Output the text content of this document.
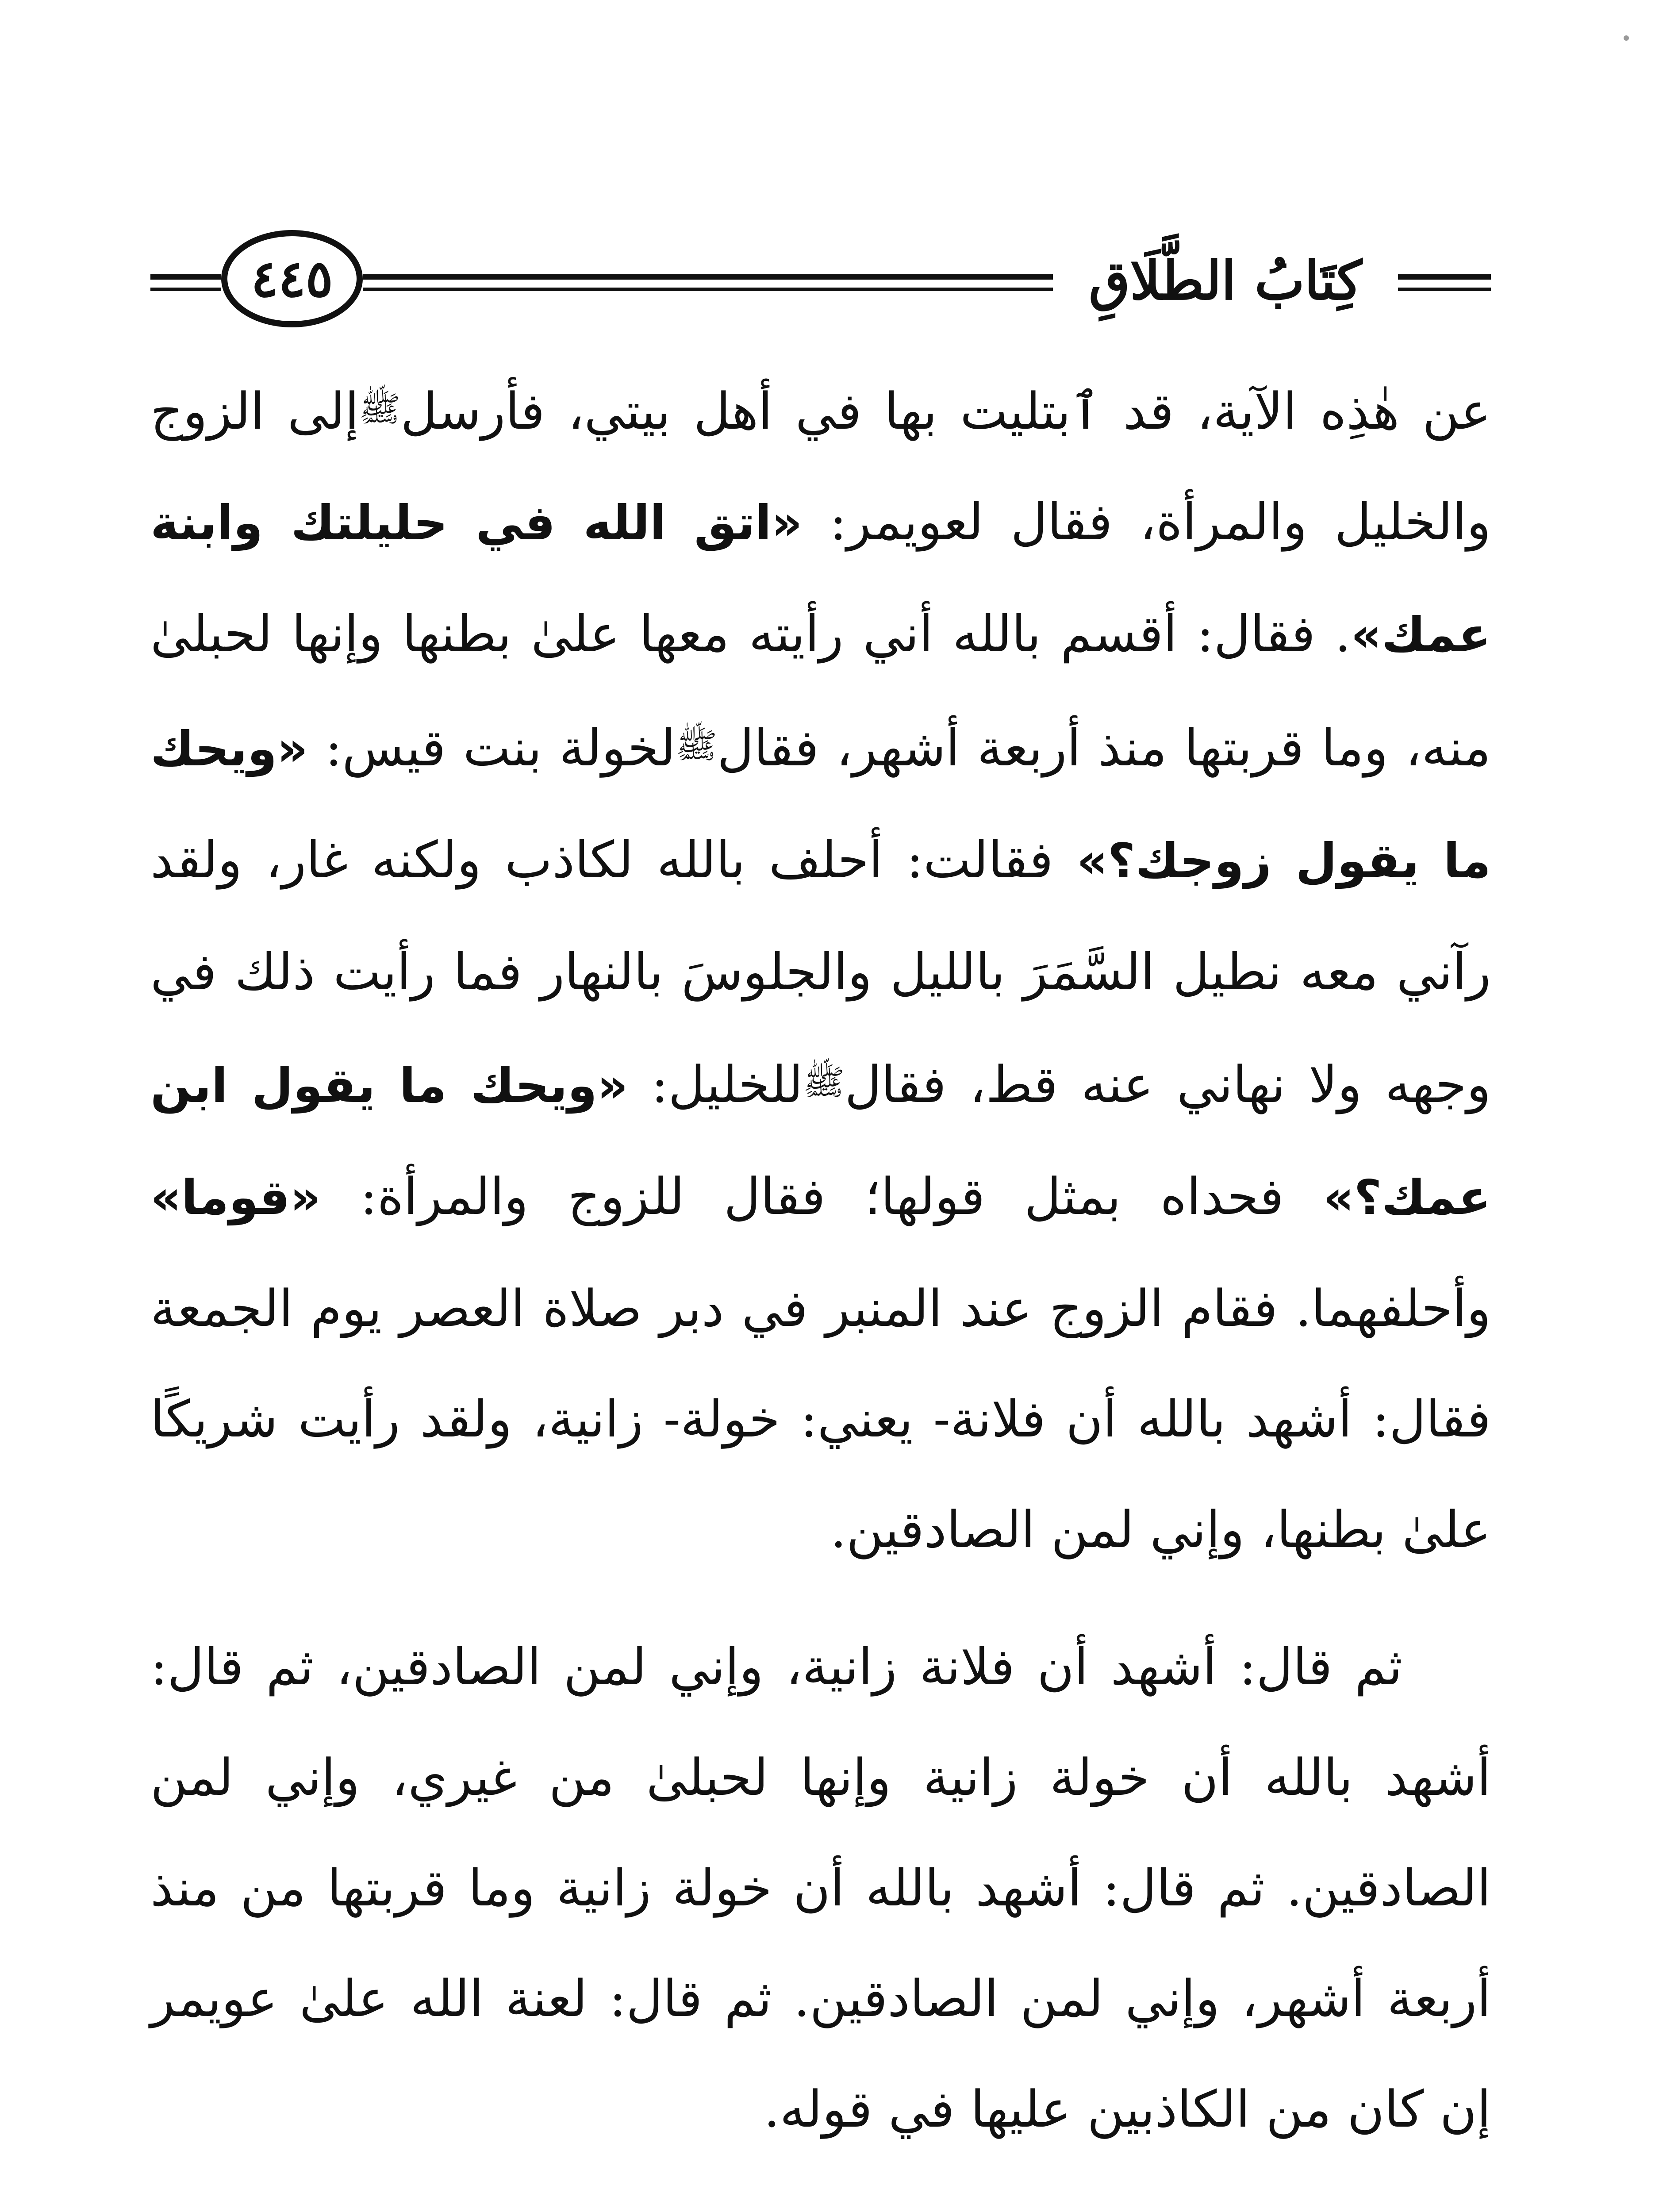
كِتَابُ الطَّلَاقِ
٤٤٥

عن هٰذِه الآية، قد ٱبتليت بها في أهل بيتي، فأرسلﷺإلى الزوج والخليل والمرأة، فقال لعويمر: «اتق الله في حليلتك وابنة عمك». فقال: أقسم بالله أني رأيته معها علىٰ بطنها وإنها لحبلىٰ منه، وما قربتها منذ أربعة أشهر، فقالﷺلخولة بنت قيس: «ويحك ما يقول زوجك؟» فقالت: أحلف بالله لكاذب ولكنه غار، ولقد رآني معه نطيل السَّمَرَ بالليل والجلوسَ بالنهار فما رأيت ذلك في وجهه ولا نهاني عنه قط، فقالﷺللخليل: «ويحك ما يقول ابن عمك؟» فحداه بمثل قولها؛ فقال للزوج والمرأة: «قوما» وأحلفهما. فقام الزوج عند المنبر في دبر صلاة العصر يوم الجمعة فقال: أشهد بالله أن فلانة- يعني: خولة- زانية، ولقد رأيت شريكًا علىٰ بطنها، وإني لمن الصادقين.

ثم قال: أشهد أن فلانة زانية، وإني لمن الصادقين، ثم قال: أشهد بالله أن خولة زانية وإنها لحبلىٰ من غيري، وإني لمن الصادقين. ثم قال: أشهد بالله أن خولة زانية وما قربتها من منذ أربعة أشهر، وإني لمن الصادقين. ثم قال: لعنة الله علىٰ عويمر إن كان من الكاذبين عليها في قوله.
